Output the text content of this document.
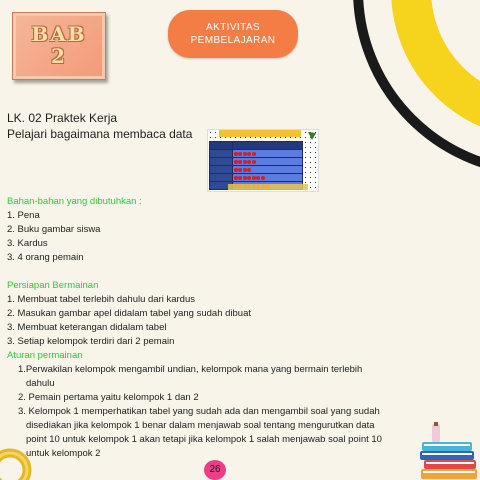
BAB
2
AKTIVITAS
PEMBELAJARAN
LK. 02 Praktek Kerja
Pelajari bagaimana membaca data

Bahan-bahan yang dibutuhkan :
1. Pena
2. Buku gambar siswa
3. Kardus
3. 4 orang pemain
Persiapan Bermainan
1. Membuat tabel terlebih dahulu dari kardus
2. Masukan gambar apel didalam tabel yang sudah dibuat
3. Membuat keterangan didalam tabel
3. Setiap kelompok terdiri dari 2 pemain
Aturan permainan
1.Perwakilan kelompok mengambil undian, kelompok mana yang bermain terlebih
dahulu
2. Pemain pertama yaitu kelompok 1 dan 2
3. Kelompok 1 memperhatikan tabel yang sudah ada dan mengambil soal yang sudah
disediakan jika kelompok 1 benar dalam menjawab soal tentang mengurutkan data
point 10 untuk kelompok 1 akan tetapi jika kelompok 1 salah menjawab soal point 10
untuk kelompok 2
26
